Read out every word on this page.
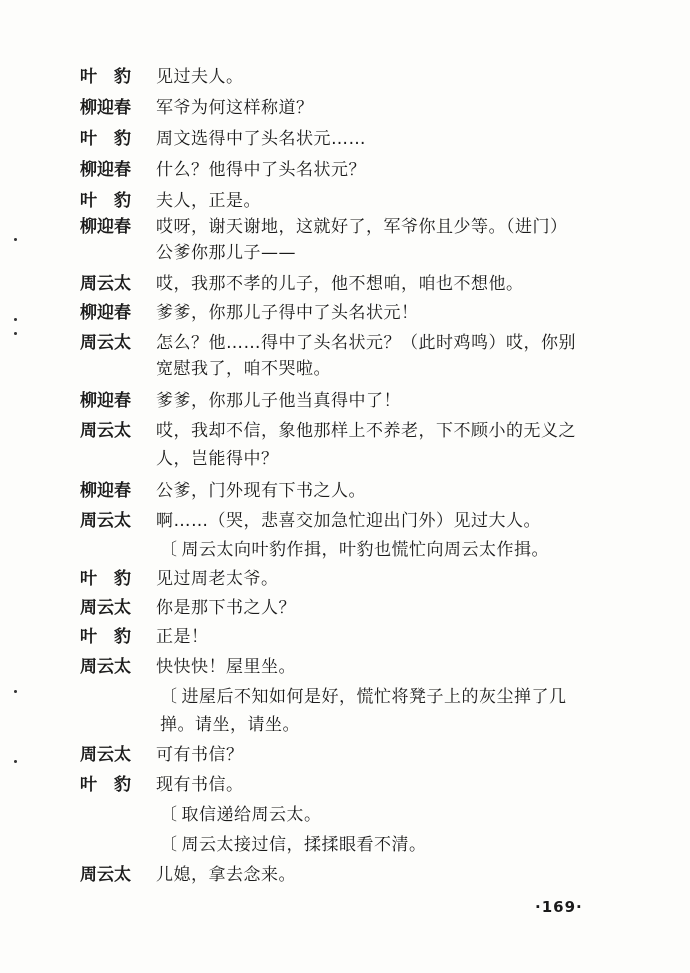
叶　豹	见过夫人。
柳迎春	军爷为何这样称道？
叶　豹	周文选得中了头名状元……
柳迎春	什么？他得中了头名状元？
叶　豹	夫人，正是。
柳迎春	哎呀，谢天谢地，这就好了，军爷你且少等。（进门）
公爹你那儿子——
周云太	哎，我那不孝的儿子，他不想咱，咱也不想他。
柳迎春	爹爹，你那儿子得中了头名状元！
周云太	怎么？他……得中了头名状元？（此时鸡鸣）哎，你别
宽慰我了，咱不哭啦。
柳迎春	爹爹，你那儿子他当真得中了！
周云太	哎，我却不信，象他那样上不养老，下不顾小的无义之
人，岂能得中？
柳迎春	公爹，门外现有下书之人。
周云太	啊……（哭，悲喜交加急忙迎出门外）见过大人。
〔 周云太向叶豹作揖，叶豹也慌忙向周云太作揖。
叶　豹	见过周老太爷。
周云太	你是那下书之人？
叶　豹	正是！
周云太	快快快！屋里坐。
〔 进屋后不知如何是好，慌忙将凳子上的灰尘掸了几
掸。请坐，请坐。
周云太	可有书信？
叶　豹	现有书信。
〔 取信递给周云太。
〔 周云太接过信，揉揉眼看不清。
周云太	儿媳，拿去念来。
·169·
